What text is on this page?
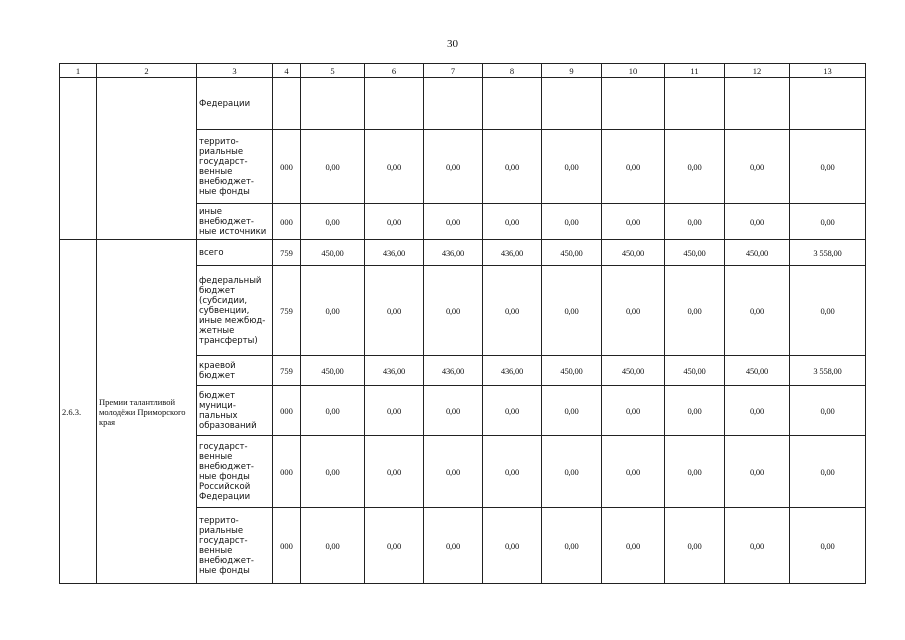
30
1	2	3	4	5	6	7	8	9	10	11	12	13
		Федерации										
		террито-риальные государст-венные внебюджет-ные фонды	000	0,00	0,00	0,00	0,00	0,00	0,00	0,00	0,00	0,00
		иные внебюджет-ные источники	000	0,00	0,00	0,00	0,00	0,00	0,00	0,00	0,00	0,00
2.6.3.	Премии талантливой молодёжи Приморского края	всего	759	450,00	436,00	436,00	436,00	450,00	450,00	450,00	450,00	3 558,00
		федеральный бюджет (субсидии, субвенции, иные межбюд-жетные трансферты)	759	0,00	0,00	0,00	0,00	0,00	0,00	0,00	0,00	0,00
		краевой бюджет	759	450,00	436,00	436,00	436,00	450,00	450,00	450,00	450,00	3 558,00
		бюджет муници-пальных образований	000	0,00	0,00	0,00	0,00	0,00	0,00	0,00	0,00	0,00
		государст-венные внебюджет-ные фонды Российской Федерации	000	0,00	0,00	0,00	0,00	0,00	0,00	0,00	0,00	0,00
		террито-риальные государст-венные внебюджет-ные фонды	000	0,00	0,00	0,00	0,00	0,00	0,00	0,00	0,00	0,00
